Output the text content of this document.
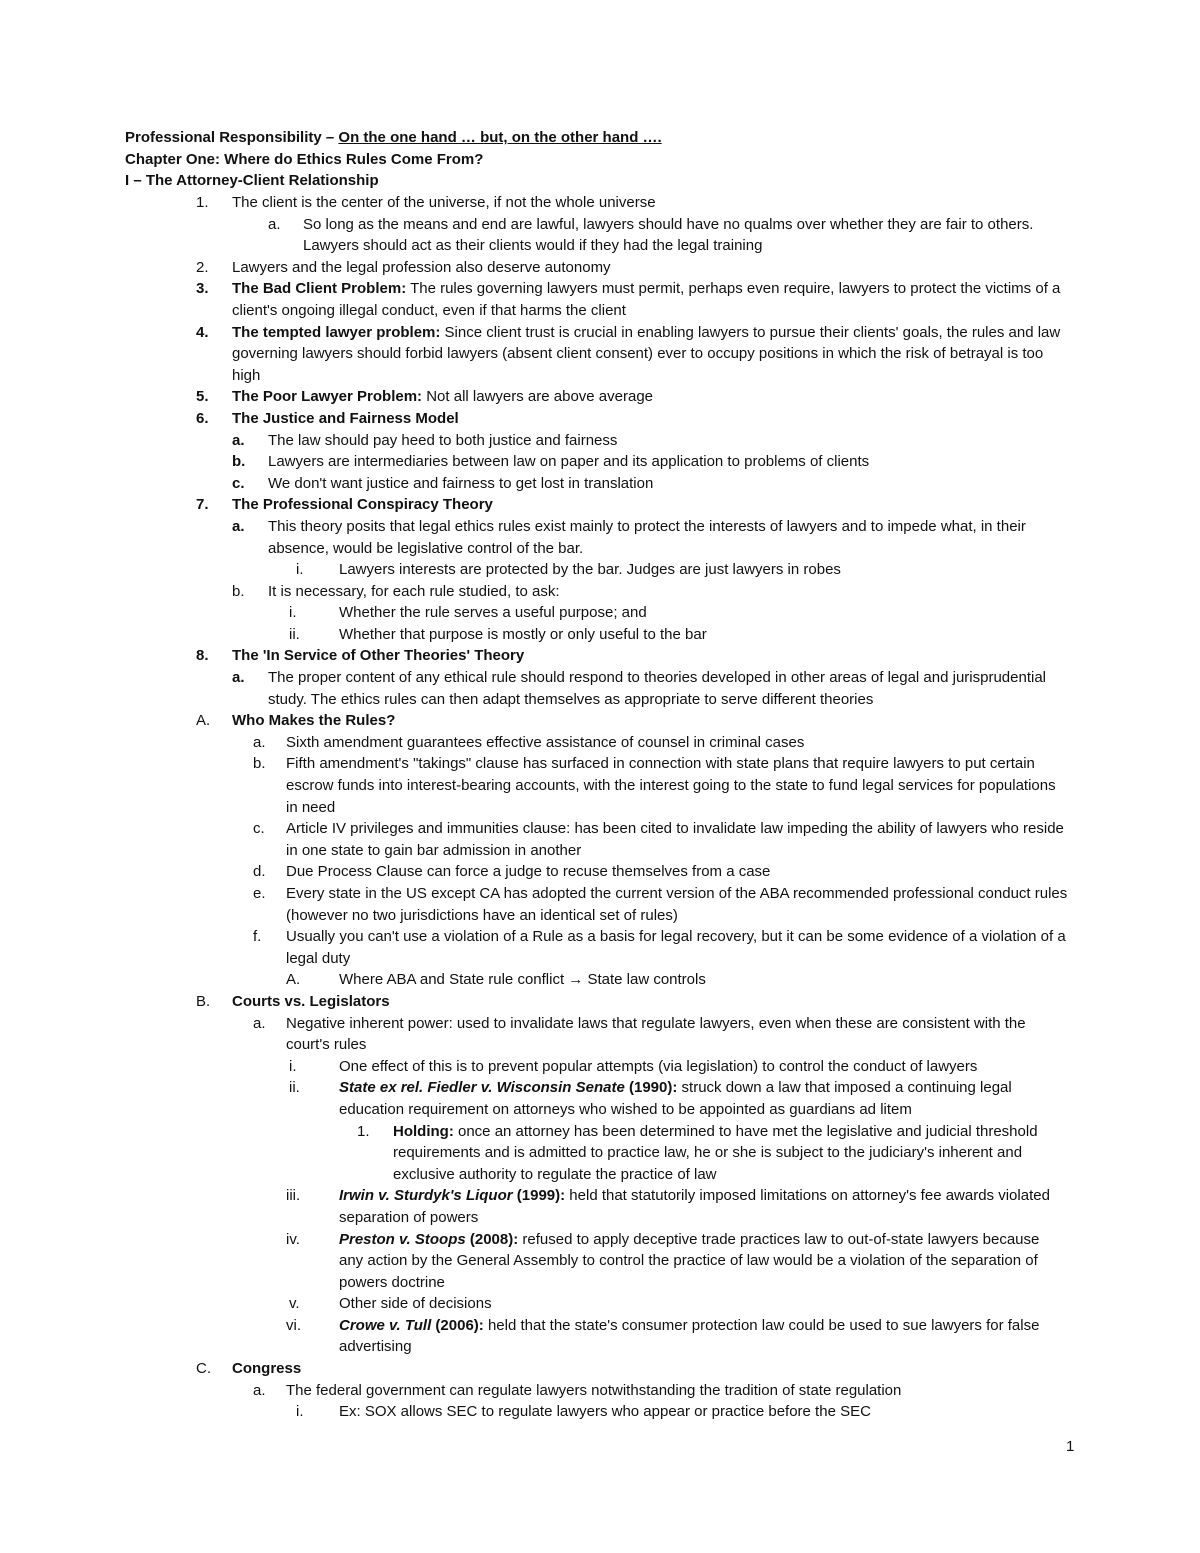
Professional Responsibility – On the one hand … but, on the other hand ….
Chapter One: Where do Ethics Rules Come From?
I – The Attorney-Client Relationship
1. The client is the center of the universe, if not the whole universe
a. So long as the means and end are lawful, lawyers should have no qualms over whether they are fair to others. Lawyers should act as their clients would if they had the legal training
2. Lawyers and the legal profession also deserve autonomy
3. The Bad Client Problem: The rules governing lawyers must permit, perhaps even require, lawyers to protect the victims of a client's ongoing illegal conduct, even if that harms the client
4. The tempted lawyer problem: Since client trust is crucial in enabling lawyers to pursue their clients' goals, the rules and law governing lawyers should forbid lawyers (absent client consent) ever to occupy positions in which the risk of betrayal is too high
5. The Poor Lawyer Problem: Not all lawyers are above average
6. The Justice and Fairness Model
a. The law should pay heed to both justice and fairness
b. Lawyers are intermediaries between law on paper and its application to problems of clients
c. We don't want justice and fairness to get lost in translation
7. The Professional Conspiracy Theory
a. This theory posits that legal ethics rules exist mainly to protect the interests of lawyers and to impede what, in their absence, would be legislative control of the bar.
i. Lawyers interests are protected by the bar. Judges are just lawyers in robes
b. It is necessary, for each rule studied, to ask:
i.	Whether the rule serves a useful purpose; and
ii.	Whether that purpose is mostly or only useful to the bar
8. The 'In Service of Other Theories' Theory
a. The proper content of any ethical rule should respond to theories developed in other areas of legal and jurisprudential study. The ethics rules can then adapt themselves as appropriate to serve different theories
A. Who Makes the Rules?
a. Sixth amendment guarantees effective assistance of counsel in criminal cases
b. Fifth amendment's "takings" clause has surfaced in connection with state plans that require lawyers to put certain escrow funds into interest-bearing accounts, with the interest going to the state to fund legal services for populations in need
c. Article IV privileges and immunities clause: has been cited to invalidate law impeding the ability of lawyers who reside in one state to gain bar admission in another
d. Due Process Clause can force a judge to recuse themselves from a case
e. Every state in the US except CA has adopted the current version of the ABA recommended professional conduct rules (however no two jurisdictions have an identical set of rules)
f. Usually you can't use a violation of a Rule as a basis for legal recovery, but it can be some evidence of a violation of a legal duty
A.	Where ABA and State rule conflict → State law controls
B. Courts vs. Legislators
a. Negative inherent power: used to invalidate laws that regulate lawyers, even when these are consistent with the court's rules
i.	One effect of this is to prevent popular attempts (via legislation) to control the conduct of lawyers
ii.	State ex rel. Fiedler v. Wisconsin Senate (1990): struck down a law that imposed a continuing legal education requirement on attorneys who wished to be appointed as guardians ad litem
1. Holding: once an attorney has been determined to have met the legislative and judicial threshold requirements and is admitted to practice law, he or she is subject to the judiciary's inherent and exclusive authority to regulate the practice of law
iii.	Irwin v. Sturdyk's Liquor (1999): held that statutorily imposed limitations on attorney's fee awards violated separation of powers
iv.	Preston v. Stoops (2008): refused to apply deceptive trade practices law to out-of-state lawyers because any action by the General Assembly to control the practice of law would be a violation of the separation of powers doctrine
v.	Other side of decisions
vi.	Crowe v. Tull (2006): held that the state's consumer protection law could be used to sue lawyers for false advertising
C. Congress
a. The federal government can regulate lawyers notwithstanding the tradition of state regulation
i. Ex: SOX allows SEC to regulate lawyers who appear or practice before the SEC
1
